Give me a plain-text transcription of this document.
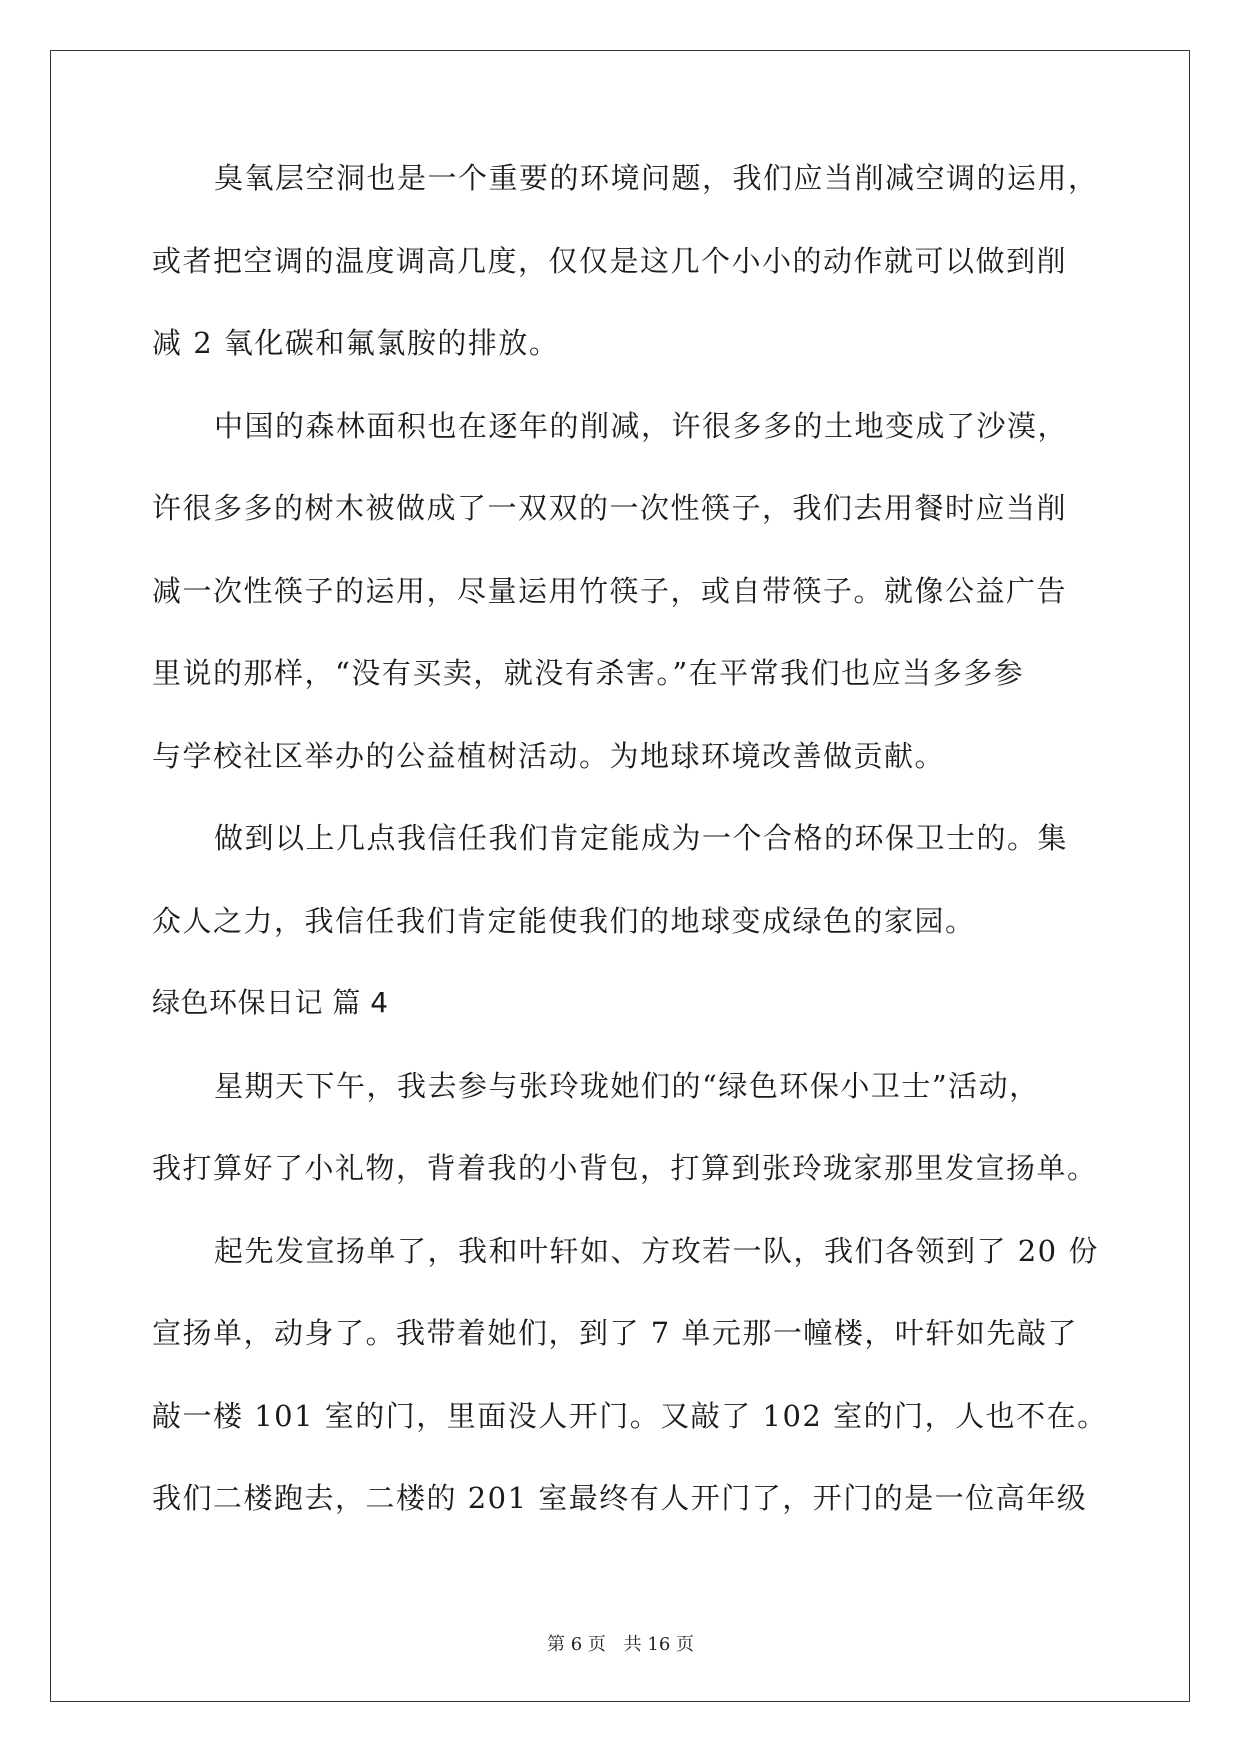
臭氧层空洞也是一个重要的环境问题，我们应当削减空调的运用，
或者把空调的温度调高几度，仅仅是这几个小小的动作就可以做到削
减 2 氧化碳和氟氯胺的排放。
中国的森林面积也在逐年的削减，许很多多的土地变成了沙漠，
许很多多的树木被做成了一双双的一次性筷子，我们去用餐时应当削
减一次性筷子的运用，尽量运用竹筷子，或自带筷子。就像公益广告
里说的那样，“没有买卖，就没有杀害。”在平常我们也应当多多参
与学校社区举办的公益植树活动。为地球环境改善做贡献。
做到以上几点我信任我们肯定能成为一个合格的环保卫士的。集
众人之力，我信任我们肯定能使我们的地球变成绿色的家园。
绿色环保日记 篇 4
星期天下午，我去参与张玲珑她们的“绿色环保小卫士”活动，
我打算好了小礼物，背着我的小背包，打算到张玲珑家那里发宣扬单。
起先发宣扬单了，我和叶轩如、方玫若一队，我们各领到了 20 份
宣扬单，动身了。我带着她们，到了 7 单元那一幢楼，叶轩如先敲了
敲一楼 101 室的门，里面没人开门。又敲了 102 室的门，人也不在。
我们二楼跑去，二楼的 201 室最终有人开门了，开门的是一位高年级
第 6 页 共 16 页
